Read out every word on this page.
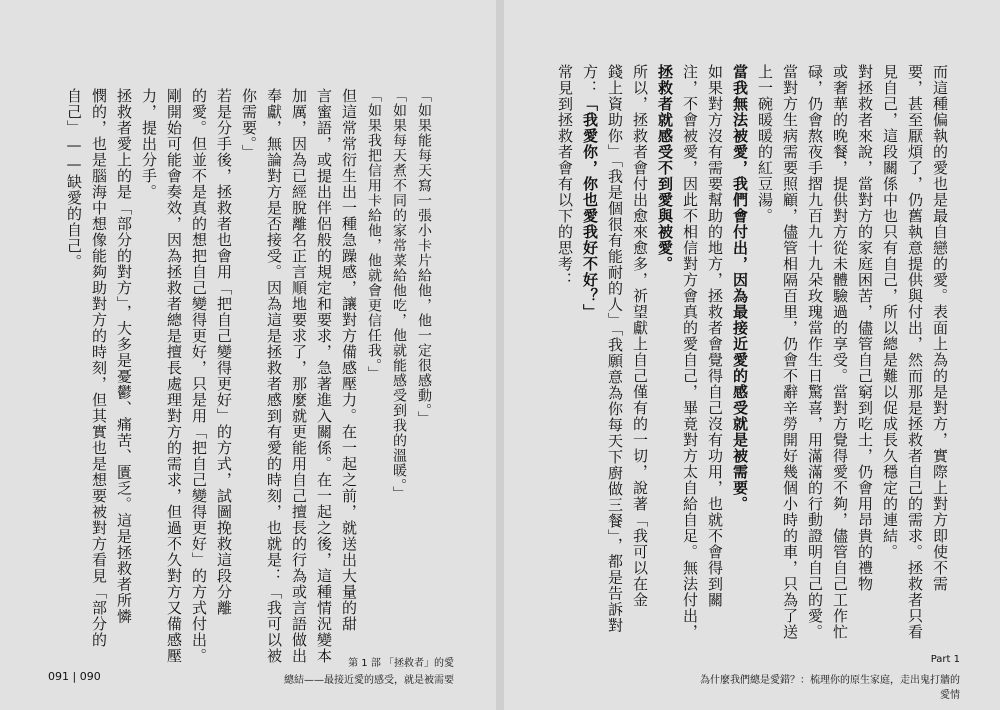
「如果能每天寫一張小卡片給他，他一定很感動。」
「如果每天煮不同的家常菜給他吃，他就能感受到我的溫暖。」
「如果我把信用卡給他，他就會更信任我。」
但這常常衍生出一種急躁感，讓對方備感壓力。在一起之前，就送出大量的甜
言蜜語，或提出伴侶般的規定和要求，急著進入關係。在一起之後，這種情況變本
加厲，因為已經脫離名正言順地要求了，那麼就更能用自己擅長的行為或言語做出
奉獻，無論對方是否接受。因為這是拯救者感到有愛的時刻，也就是：「我可以被
你需要。」
若是分手後，拯救者也會用「把自己變得更好」的方式，試圖挽救這段分離
的愛。但並不是真的想把自己變得更好，只是用「把自己變得更好」的方式付出。
剛開始可能會奏效，因為拯救者總是擅長處理對方的需求，但過不久對方又備感壓
力，提出分手。
拯救者愛上的是「部分的對方」，大多是憂鬱、痛苦、匱乏。這是拯救者所憐
憫的，也是腦海中想像能夠助對方的時刻，但其實也是想要被對方看見「部分的
自己」——缺愛的自己。	而這種偏執的愛也是最自戀的愛。表面上為的是對方，實際上對方即使不需
要，甚至厭煩了，仍舊執意提供與付出，然而那是拯救者自己的需求。拯救者只看
見自己，這段關係中也只有自己，所以總是難以促成長久穩定的連結。
對拯救者來說，當對方的家庭困苦，儘管自己窮到吃土，仍會用昂貴的禮物
或奢華的晚餐，提供對方從未體驗過的享受。當對方覺得愛不夠，儘管自己工作忙
碌，仍會熬夜手摺九百九十九朵玫瑰當作生日驚喜，用滿滿的行動證明自己的愛。
當對方生病需要照顧，儘管相隔百里，仍會不辭辛勞開好幾個小時的車，只為了送
上一碗暖暖的紅豆湯。
當我無法被愛，我們會付出，因為最接近愛的感受就是被需要。
如果對方沒有需要幫助的地方，拯救者會覺得自己沒有功用，也就不會得到關
注，不會被愛，因此不相信對方會真的愛自己，畢竟對方太自給自足。無法付出，
拯救者就感受不到愛與被愛。
所以，拯救者會付出愈來愈多，祈望獻上自己僅有的一切，說著「我可以在金
錢上資助你」「我是個很有能耐的人」「我願意為你每天下廚做三餐」，都是告訴對
方：「我愛你，你也愛我好不好？」
常見到拯救者會有以下的思考：
091 | 090
第 1 部 「拯救者」的愛
總結——最接近愛的感受，就是被需要
Part 1
為什麼我們總是愛錯？：梳理你的原生家庭，走出鬼打牆的愛情
